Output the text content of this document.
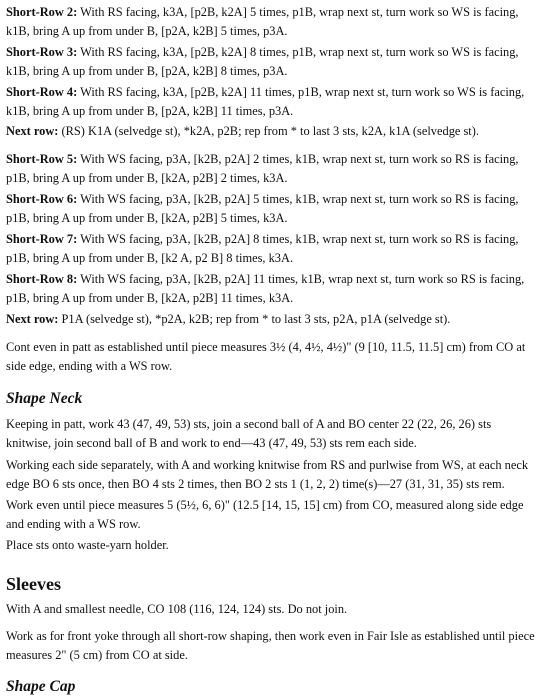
Short-Row 2: With RS facing, k3A, [p2B, k2A] 5 times, p1B, wrap next st, turn work so WS is facing, k1B, bring A up from under B, [p2A, k2B] 5 times, p3A.

Short-Row 3: With RS facing, k3A, [p2B, k2A] 8 times, p1B, wrap next st, turn work so WS is facing, k1B, bring A up from under B, [p2A, k2B] 8 times, p3A.

Short-Row 4: With RS facing, k3A, [p2B, k2A] 11 times, p1B, wrap next st, turn work so WS is facing, k1B, bring A up from under B, [p2A, k2B] 11 times, p3A.

Next row: (RS) K1A (selvedge st), *k2A, p2B; rep from * to last 3 sts, k2A, k1A (selvedge st).

Short-Row 5: With WS facing, p3A, [k2B, p2A] 2 times, k1B, wrap next st, turn work so RS is facing, p1B, bring A up from under B, [k2A, p2B] 2 times, k3A.

Short-Row 6: With WS facing, p3A, [k2B, p2A] 5 times, k1B, wrap next st, turn work so RS is facing, p1B, bring A up from under B, [k2A, p2B] 5 times, k3A.

Short-Row 7: With WS facing, p3A, [k2B, p2A] 8 times, k1B, wrap next st, turn work so RS is facing, p1B, bring A up from under B, [k2 A, p2 B] 8 times, k3A.

Short-Row 8: With WS facing, p3A, [k2B, p2A] 11 times, k1B, wrap next st, turn work so RS is facing, p1B, bring A up from under B, [k2A, p2B] 11 times, k3A.

Next row: P1A (selvedge st), *p2A, k2B; rep from * to last 3 sts, p2A, p1A (selvedge st).

Cont even in patt as established until piece measures 3½ (4, 4½, 4½)" (9 [10, 11.5, 11.5] cm) from CO at side edge, ending with a WS row.

Shape Neck

Keeping in patt, work 43 (47, 49, 53) sts, join a second ball of A and BO center 22 (22, 26, 26) sts knitwise, join second ball of B and work to end—43 (47, 49, 53) sts rem each side.

Working each side separately, with A and working knitwise from RS and purlwise from WS, at each neck edge BO 6 sts once, then BO 4 sts 2 times, then BO 2 sts 1 (1, 2, 2) time(s)—27 (31, 31, 35) sts rem.

Work even until piece measures 5 (5½, 6, 6)" (12.5 [14, 15, 15] cm) from CO, measured along side edge and ending with a WS row.

Place sts onto waste-yarn holder.

Sleeves

With A and smallest needle, CO 108 (116, 124, 124) sts. Do not join.

Work as for front yoke through all short-row shaping, then work even in Fair Isle as established until piece measures 2" (5 cm) from CO at side.

Shape Cap
